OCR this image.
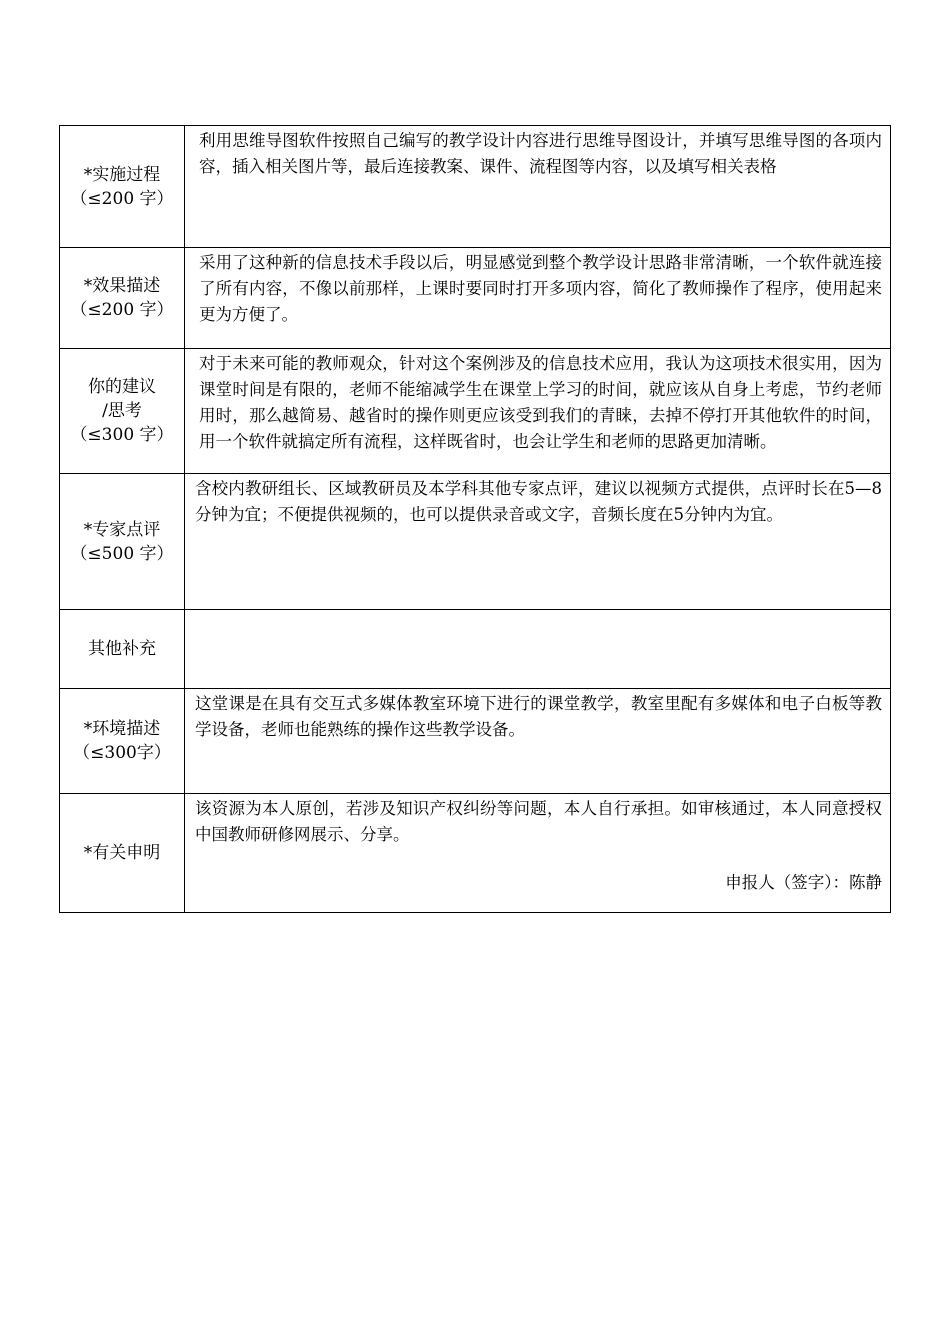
*实施过程
（≤200 字）	利用思维导图软件按照自己编写的教学设计内容进行思维导图设计，并填写思维导图的各项内容，插入相关图片等，最后连接教案、课件、流程图等内容，以及填写相关表格

*效果描述
（≤200 字）	采用了这种新的信息技术手段以后，明显感觉到整个教学设计思路非常清晰，一个软件就连接了所有内容，不像以前那样，上课时要同时打开多项内容，简化了教师操作了程序，使用起来更为方便了。

你的建议
/思考
（≤300 字）	对于未来可能的教师观众，针对这个案例涉及的信息技术应用，我认为这项技术很实用，因为课堂时间是有限的，老师不能缩减学生在课堂上学习的时间，就应该从自身上考虑，节约老师用时，那么越简易、越省时的操作则更应该受到我们的青睐，去掉不停打开其他软件的时间，用一个软件就搞定所有流程，这样既省时，也会让学生和老师的思路更加清晰。

*专家点评
（≤500 字）	含校内教研组长、区域教研员及本学科其他专家点评，建议以视频方式提供，点评时长在5—8分钟为宜；不便提供视频的，也可以提供录音或文字，音频长度在5分钟内为宜。

其他补充	

*环境描述
（≤300字）	这堂课是在具有交互式多媒体教室环境下进行的课堂教学，教室里配有多媒体和电子白板等教学设备，老师也能熟练的操作这些教学设备。

*有关申明	该资源为本人原创，若涉及知识产权纠纷等问题，本人自行承担。如审核通过，本人同意授权中国教师研修网展示、分享。
申报人（签字）：陈静
